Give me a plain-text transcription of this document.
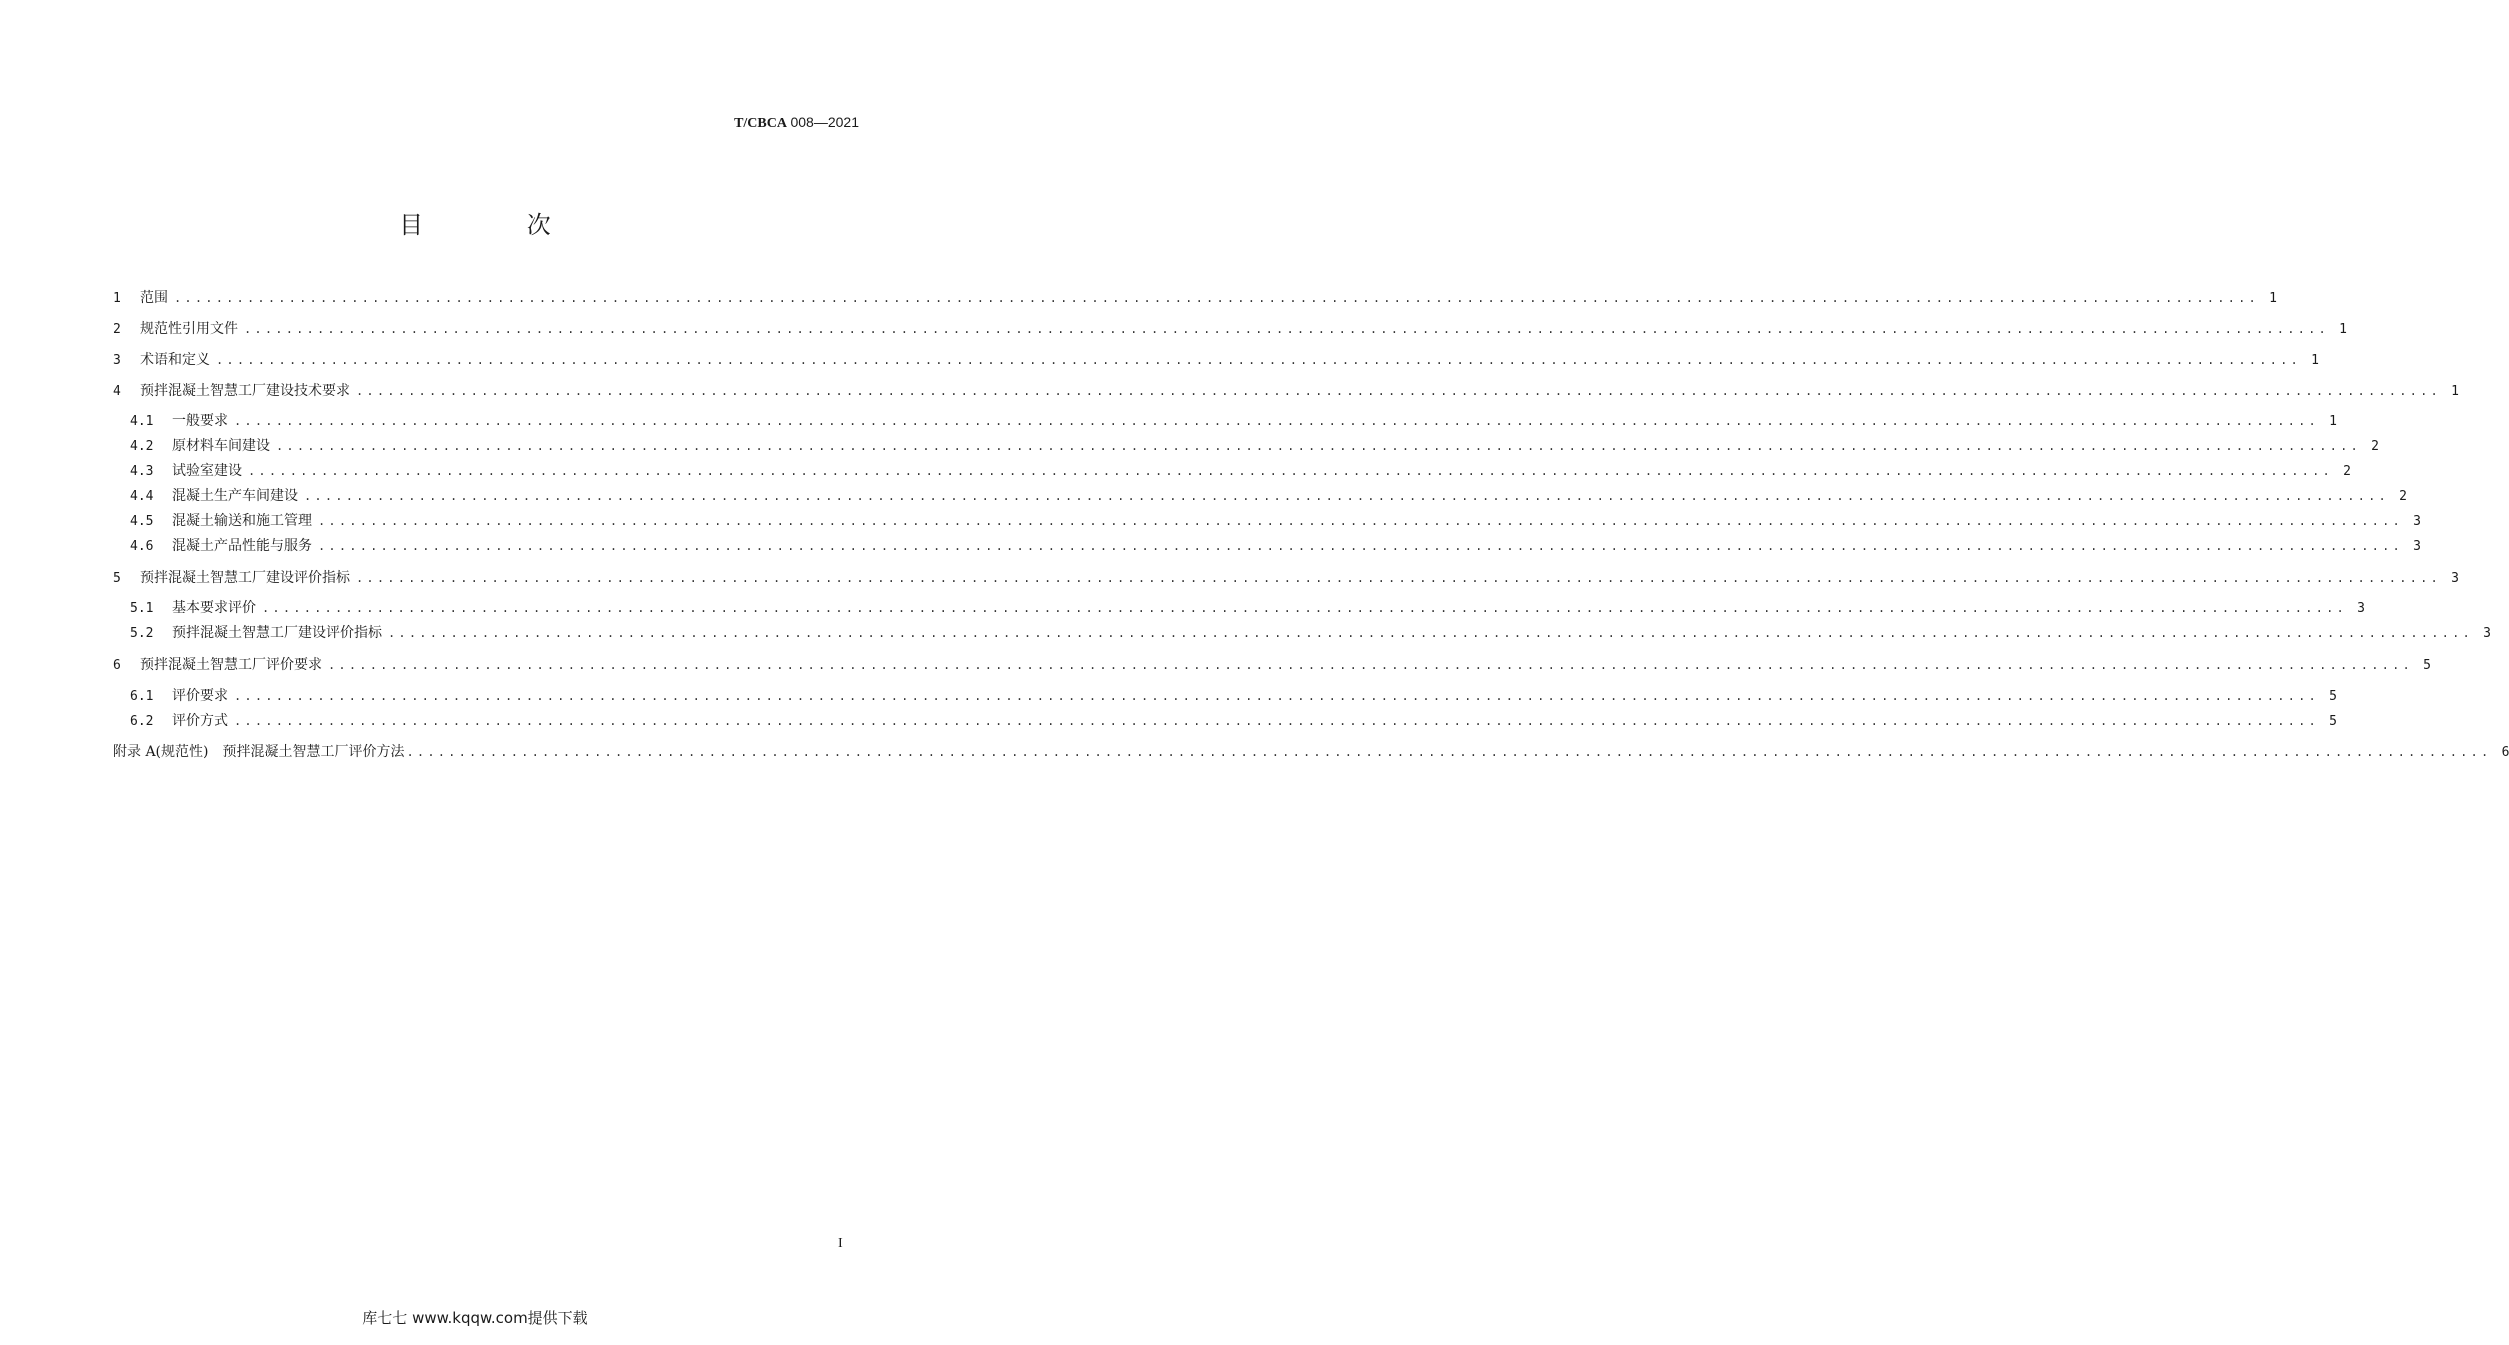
T/CBCA 008—2021
目 次
1	范围 ........................................................................................................................................................................................................ 1
2	规范性引用文件 ........................................................................................................................................................................................................ 1
3	术语和定义 ........................................................................................................................................................................................................ 1
4	预拌混凝土智慧工厂建设技术要求 ........................................................................................................................................................................................................ 1
4.1	一般要求 ........................................................................................................................................................................................................ 1
4.2	原材料车间建设 ........................................................................................................................................................................................................ 2
4.3	试验室建设 ........................................................................................................................................................................................................ 2
4.4	混凝土生产车间建设 ........................................................................................................................................................................................................ 2
4.5	混凝土输送和施工管理 ........................................................................................................................................................................................................ 3
4.6	混凝土产品性能与服务 ........................................................................................................................................................................................................ 3
5	预拌混凝土智慧工厂建设评价指标 ........................................................................................................................................................................................................ 3
5.1	基本要求评价 ........................................................................................................................................................................................................ 3
5.2	预拌混凝土智慧工厂建设评价指标 ........................................................................................................................................................................................................ 3
6	预拌混凝土智慧工厂评价要求 ........................................................................................................................................................................................................ 5
6.1	评价要求 ........................................................................................................................................................................................................ 5
6.2	评价方式 ........................................................................................................................................................................................................ 5
附录 A(规范性)　预拌混凝土智慧工厂评价方法 ........................................................................................................................................................................................................ 6
I
库七七 www.kqqw.com提供下载
